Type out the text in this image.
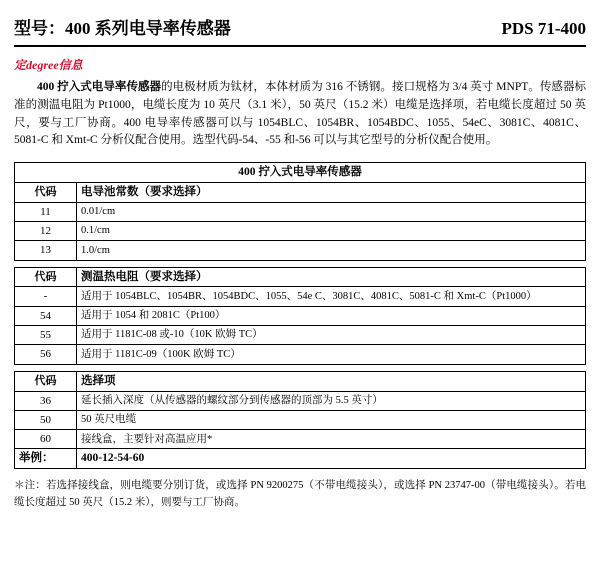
型号：400 系列电导率传感器	PDS 71-400
定degree信息

400 拧入式电导率传感器的电极材质为钛材，本体材质为 316 不锈钢。接口规格为 3/4 英寸 MNPT。传感器标准的测温电阻为 Pt1000，电缆长度为 10 英尺（3.1 米），50 英尺（15.2 米）电缆是选择项，若电缆长度超过 50 英尺，要与工厂协商。400 电导率传感器可以与 1054BLC、1054BR、1054BDC、1055、54eC、3081C、4081C、5081-C 和 Xmt-C 分析仪配合使用。选型代码-54、-55 和-56 可以与其它型号的分析仪配合使用。

400 拧入式电导率传感器	
代码	电导池常数（要求选择）
11	0.01/cm
12	0.1/cm
13	1.0/cm

代码	测温热电阻（要求选择）
-	适用于 1054BLC、1054BR、1054BDC、1055、54e C、3081C、4081C、5081-C 和 Xmt-C（Pt1000）
54	适用于 1054 和 2081C（Pt100）
55	适用于 1181C-08 或-10（10K 欧姆 TC）
56	适用于 1181C-09（100K 欧姆 TC）

代码	选择项
36	延长插入深度（从传感器的螺纹部分到传感器的顶部为 5.5 英寸）
50	50 英尺电缆
60	接线盒，主要针对高温应用*
举例：	400-12-54-60

＊注：若选择接线盒，则电缆要分别订货，或选择 PN 9200275（不带电缆接头），或选择 PN 23747-00（带电缆接头）。若电缆长度超过 50 英尺（15.2 米），则要与工厂协商。
